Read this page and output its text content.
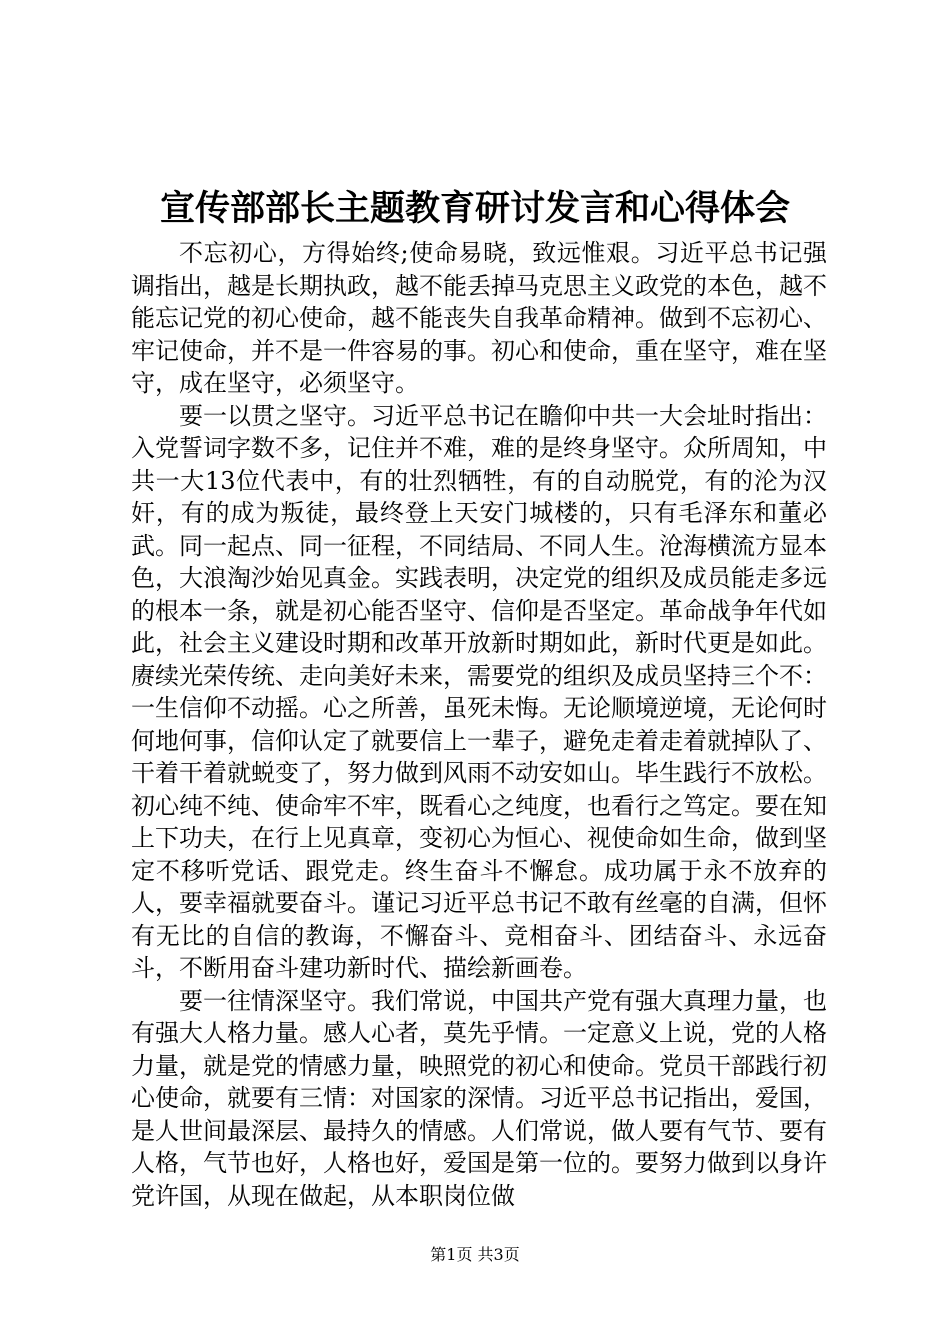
宣传部部长主题教育研讨发言和心得体会

不忘初心，方得始终;使命易晓，致远惟艰。习近平总书记强调指出，越是长期执政，越不能丢掉马克思主义政党的本色，越不能忘记党的初心使命，越不能丧失自我革命精神。做到不忘初心、牢记使命，并不是一件容易的事。初心和使命，重在坚守，难在坚守，成在坚守，必须坚守。

要一以贯之坚守。习近平总书记在瞻仰中共一大会址时指出：入党誓词字数不多，记住并不难，难的是终身坚守。众所周知，中共一大13位代表中，有的壮烈牺牲，有的自动脱党，有的沦为汉奸，有的成为叛徒，最终登上天安门城楼的，只有毛泽东和董必武。同一起点、同一征程，不同结局、不同人生。沧海横流方显本色，大浪淘沙始见真金。实践表明，决定党的组织及成员能走多远的根本一条，就是初心能否坚守、信仰是否坚定。革命战争年代如此，社会主义建设时期和改革开放新时期如此，新时代更是如此。赓续光荣传统、走向美好未来，需要党的组织及成员坚持三个不：一生信仰不动摇。心之所善，虽死未悔。无论顺境逆境，无论何时何地何事，信仰认定了就要信上一辈子，避免走着走着就掉队了、干着干着就蜕变了，努力做到风雨不动安如山。毕生践行不放松。初心纯不纯、使命牢不牢，既看心之纯度，也看行之笃定。要在知上下功夫，在行上见真章，变初心为恒心、视使命如生命，做到坚定不移听党话、跟党走。终生奋斗不懈怠。成功属于永不放弃的人，要幸福就要奋斗。谨记习近平总书记不敢有丝毫的自满，但怀有无比的自信的教诲，不懈奋斗、竞相奋斗、团结奋斗、永远奋斗，不断用奋斗建功新时代、描绘新画卷。

要一往情深坚守。我们常说，中国共产党有强大真理力量，也有强大人格力量。感人心者，莫先乎情。一定意义上说，党的人格力量，就是党的情感力量，映照党的初心和使命。党员干部践行初心使命，就要有三情：对国家的深情。习近平总书记指出，爱国，是人世间最深层、最持久的情感。人们常说，做人要有气节、要有人格，气节也好，人格也好，爱国是第一位的。要努力做到以身许党许国，从现在做起，从本职岗位做

第1页 共3页
